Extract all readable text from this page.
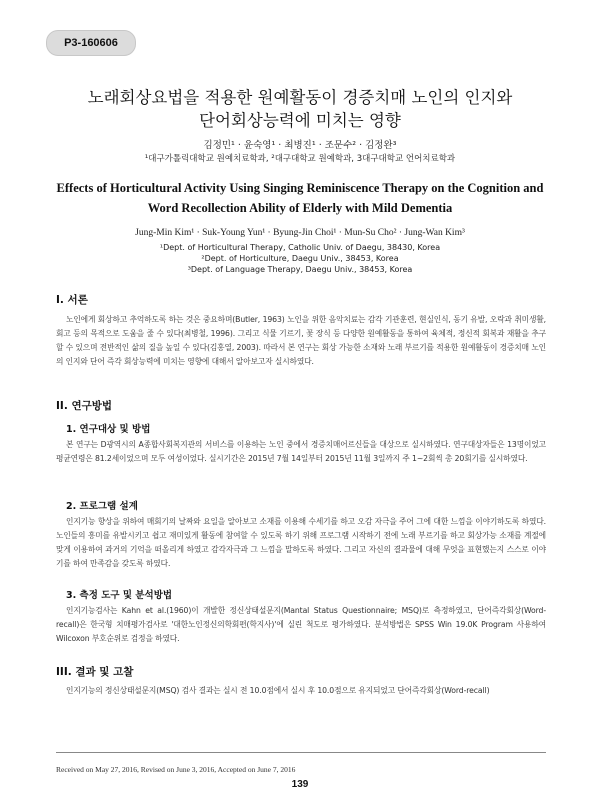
P3-160606
노래회상요법을 적용한 원예활동이 경증치매 노인의 인지와
단어회상능력에 미치는 영향
김정민¹ · 윤숙영¹ · 최병진¹ · 조문수² · 김정완³
¹대구가톨릭대학교 원예치료학과, ²대구대학교 원예학과, 3대구대학교 언어치료학과
Effects of Horticultural Activity Using Singing Reminiscence Therapy on the Cognition and
Word Recollection Ability of Elderly with Mild Dementia
Jung-Min Kim¹ · Suk-Young Yun¹ · Byung-Jin Choi¹ · Mun-Su Cho² · Jung-Wan Kim³
¹Dept. of Horticultural Therapy, Catholic Univ. of Daegu, 38430, Korea
²Dept. of Horticulture, Daegu Univ., 38453, Korea
³Dept. of Language Therapy, Daegu Univ., 38453, Korea
I. 서론
노인에게 회상하고 추억하도록 하는 것은 중요하며(Butler, 1963) 노인을 위한 음악치료는 감각 기관훈련, 현실인식, 동기 유발, 오락과 취미생활, 회고 등의 목적으로 도움을 줄 수 있다(최병철, 1996). 그리고 식물 기르기, 꽃 장식 등 다양한 원예활동을 통하여 육체적, 정신적 회복과 재활을 추구할 수 있으며 전반적인 삶의 질을 높일 수 있다(김홍열, 2003). 따라서 본 연구는 회상 가능한 소재와 노래 부르기를 적용한 원예활동이 경증치매 노인의 인지와 단어 즉각 회상능력에 미치는 영향에 대해서 알아보고자 실시하였다.
II. 연구방법
1. 연구대상 및 방법
본 연구는 D광역시의 A종합사회복지관의 서비스를 이용하는 노인 중에서 경증치매어르신들을 대상으로 실시하였다. 연구대상자들은 13명이었고 평균연령은 81.2세이었으며 모두 여성이었다. 실시기간은 2015년 7월 14일부터 2015년 11월 3일까지 주 1~2회씩 총 20회기를 실시하였다.
2. 프로그램 설계
인지기능 향상을 위하여 매회기의 날짜와 요일을 알아보고 소재를 이용해 수세기를 하고 오감 자극을 주어 그에 대한 느낌을 이야기하도록 하였다. 노인들의 흥미를 유발시키고 쉽고 재미있게 활동에 참여할 수 있도록 하기 위해 프로그램 시작하기 전에 노래 부르기를 하고 회상가능 소재를 계절에 맞게 이용하여 과거의 기억을 떠올리게 하였고 감각자극과 그 느낌을 말하도록 하였다. 그리고 자신의 결과물에 대해 무엇을 표현했는지 스스로 이야기를 하여 만족감을 갖도록 하였다.
3. 측정 도구 및 분석방법
인지기능검사는 Kahn et al.(1960)이 개발한 정신상태설문지(Mantal Status Questionnaire; MSQ)로 측정하였고, 단어즉각회상(Word-recall)은 한국형 치매평가검사로 '대한노인정신의학회편(학지사)'에 실린 척도로 평가하였다. 분석방법은 SPSS Win 19.0K Program 사용하여 Wilcoxon 부호순위로 검정을 하였다.
III. 결과 및 고찰
인지기능의 정신상태설문지(MSQ) 검사 결과는 실시 전 10.0점에서 실시 후 10.0점으로 유지되었고 단어즉각회상(Word-recall)
Received on May 27, 2016, Revised on June 3, 2016, Accepted on June 7, 2016
139
